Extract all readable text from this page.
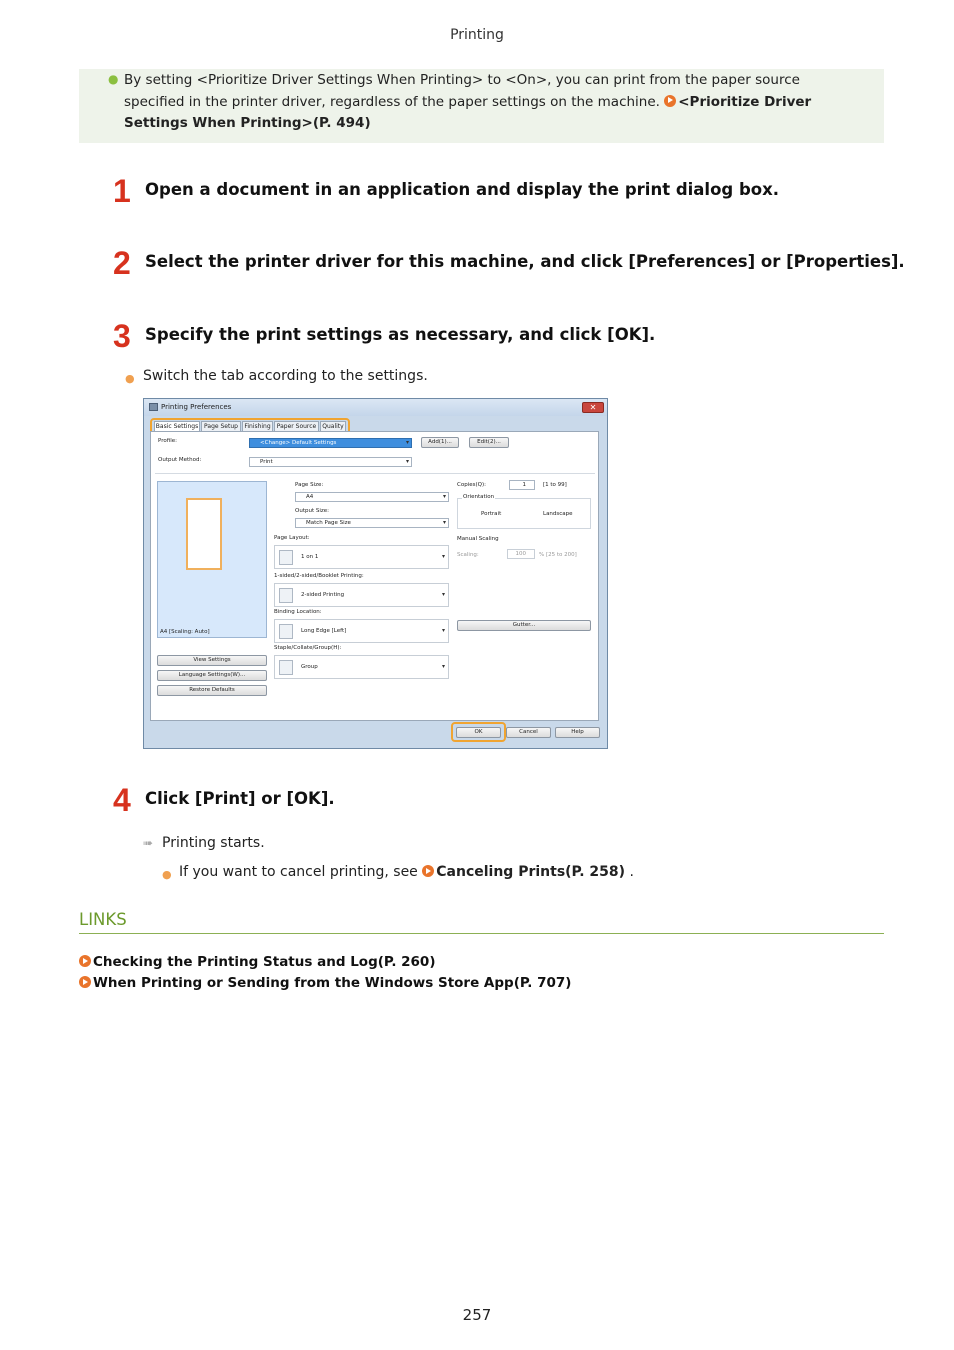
Printing
● By setting <Prioritize Driver Settings When Printing> to <On>, you can print from the paper source specified in the printer driver, regardless of the paper settings on the machine. <Prioritize Driver Settings When Printing>(P. 494)
1 Open a document in an application and display the print dialog box.
2 Select the printer driver for this machine, and click [Preferences] or [Properties].
3 Specify the print settings as necessary, and click [OK].
● Switch the tab according to the settings.
Printing Preferences	✕
Basic Settings Page Setup	Finishing	Paper Source	Quality
Profile:	<Change> Default Settings ▾	Add(1)...	Edit(2)...
Output Method:	Print ▾
A4 [Scaling: Auto]
View Settings
Language Settings(W)...
Restore Defaults
Page Size:
A4 ▾
Output Size:
Match Page Size ▾
Page Layout:
1 on 1 ▾
1-sided/2-sided/Booklet Printing:
2-sided Printing ▾
Binding Location:
Long Edge [Left] ▾
Staple/Collate/Group(H):
Group ▾
Copies(Q):	1	[1 to 99]
Orientation
Portrait	Landscape
Manual Scaling
Scaling:	100	% [25 to 200]
Gutter...
OK	Cancel	Help
4 Click [Print] or [OK].
➠ Printing starts.
● If you want to cancel printing, see Canceling Prints(P. 258) .
LINKS
Checking the Printing Status and Log(P. 260)
When Printing or Sending from the Windows Store App(P. 707)
257
